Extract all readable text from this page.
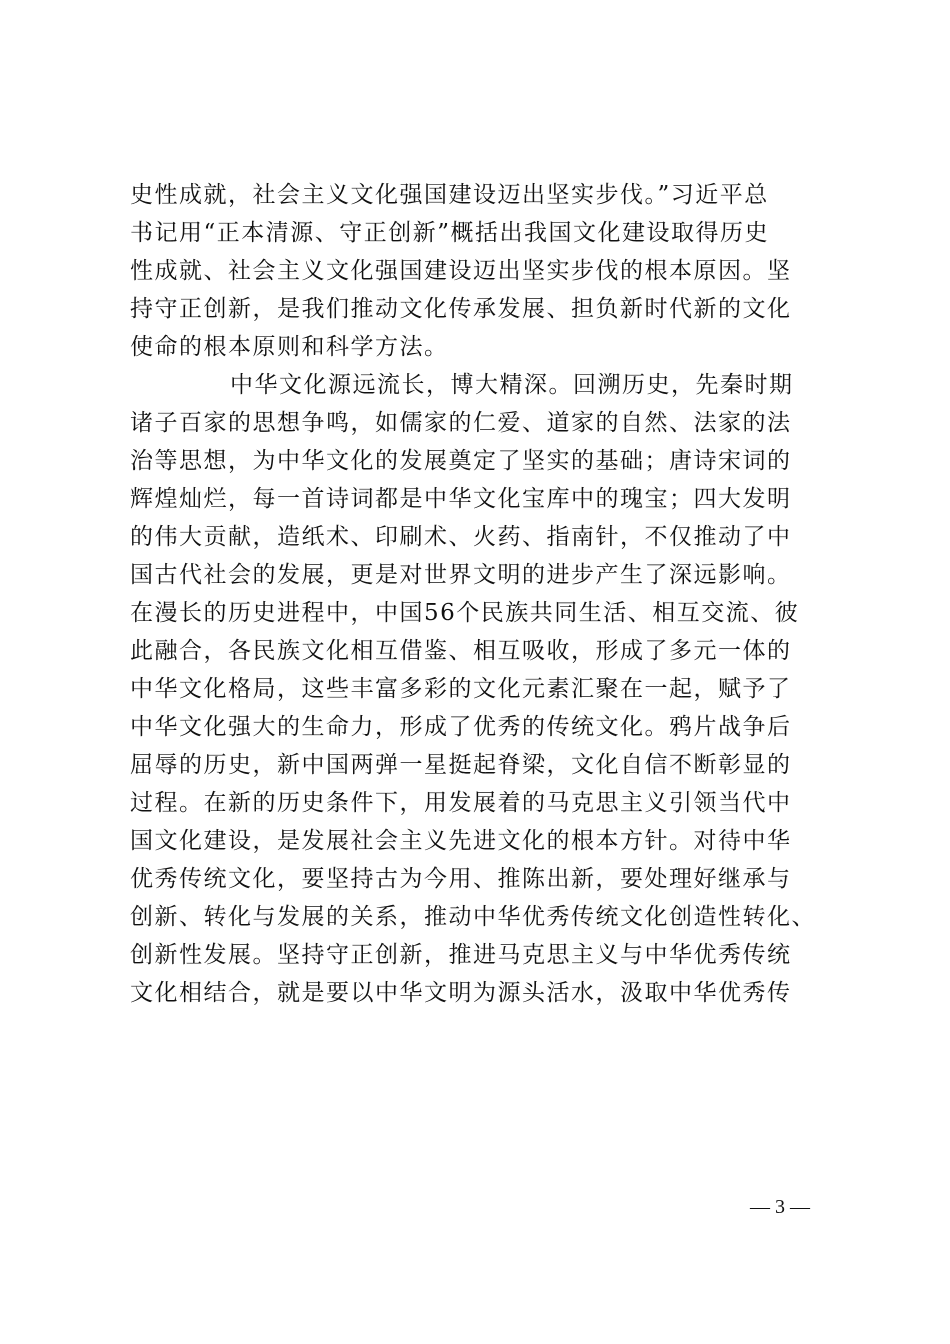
史性成就，社会主义文化强国建设迈出坚实步伐。”习近平总
书记用“正本清源、守正创新”概括出我国文化建设取得历史
性成就、社会主义文化强国建设迈出坚实步伐的根本原因。坚
持守正创新，是我们推动文化传承发展、担负新时代新的文化
使命的根本原则和科学方法。
中华文化源远流长，博大精深。回溯历史，先秦时期
诸子百家的思想争鸣，如儒家的仁爱、道家的自然、法家的法
治等思想，为中华文化的发展奠定了坚实的基础；唐诗宋词的
辉煌灿烂，每一首诗词都是中华文化宝库中的瑰宝；四大发明
的伟大贡献，造纸术、印刷术、火药、指南针，不仅推动了中
国古代社会的发展，更是对世界文明的进步产生了深远影响。
在漫长的历史进程中，中国56个民族共同生活、相互交流、彼
此融合，各民族文化相互借鉴、相互吸收，形成了多元一体的
中华文化格局，这些丰富多彩的文化元素汇聚在一起，赋予了
中华文化强大的生命力，形成了优秀的传统文化。鸦片战争后
屈辱的历史，新中国两弹一星挺起脊梁，文化自信不断彰显的
过程。在新的历史条件下，用发展着的马克思主义引领当代中
国文化建设，是发展社会主义先进文化的根本方针。对待中华
优秀传统文化，要坚持古为今用、推陈出新，要处理好继承与
创新、转化与发展的关系，推动中华优秀传统文化创造性转化、
创新性发展。坚持守正创新，推进马克思主义与中华优秀传统
文化相结合，就是要以中华文明为源头活水，汲取中华优秀传
— 3 —
